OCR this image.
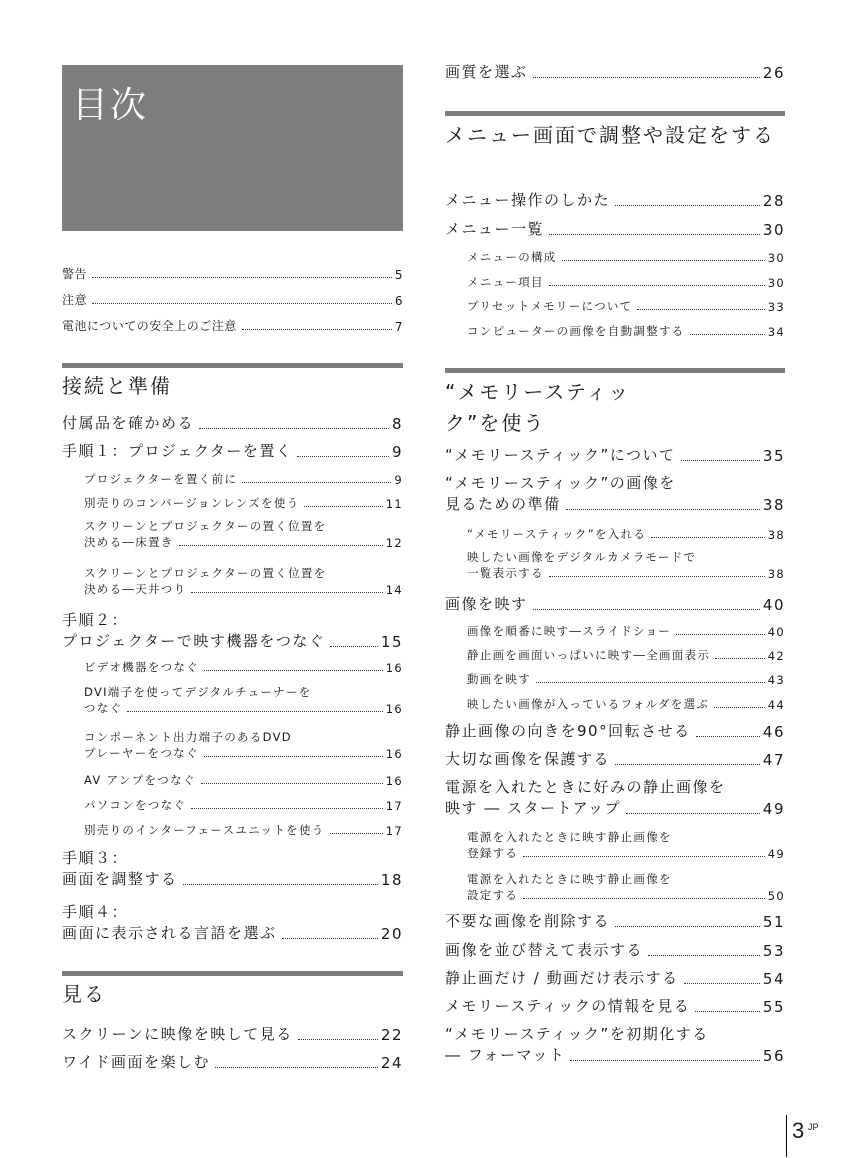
目次
警告	5
注意	6
電池についての安全上のご注意	7
接続と準備
付属品を確かめる	8
手順１：プロジェクターを置く	9
プロジェクターを置く前に	9
別売りのコンバージョンレンズを使う	11
スクリーンとプロジェクターの置く位置を
決める―床置き	12
スクリーンとプロジェクターの置く位置を
決める―天井つり	14
手順２：
プロジェクターで映す機器をつなぐ	15
ビデオ機器をつなぐ	16
DVI端子を使ってデジタルチューナーを
つなぐ	16
コンポーネント出力端子のあるDVD
プレーヤーをつなぐ	16
AV アンプをつなぐ	16
パソコンをつなぐ	17
別売りのインターフェースユニットを使う	17
手順３：
画面を調整する	18
手順４：
画面に表示される言語を選ぶ	20
見る
スクリーンに映像を映して見る	22
ワイド画面を楽しむ	24
画質を選ぶ	26
メニュー画面で調整や設定をする
メニュー操作のしかた	28
メニュー一覧	30
メニューの構成	30
メニュー項目	30
プリセットメモリーについて	33
コンピューターの画像を自動調整する	34
“メモリースティック”を使う
“メモリースティック”について	35
“メモリースティック”の画像を
見るための準備	38
“メモリースティック”を入れる	38
映したい画像をデジタルカメラモードで
一覧表示する	38
画像を映す	40
画像を順番に映す―スライドショー	40
静止画を画面いっぱいに映す―全画面表示	42
動画を映す	43
映したい画像が入っているフォルダを選ぶ	44
静止画像の向きを90°回転させる	46
大切な画像を保護する	47
電源を入れたときに好みの静止画像を
映す ― スタートアップ	49
電源を入れたときに映す静止画像を
登録する	49
電源を入れたときに映す静止画像を
設定する	50
不要な画像を削除する	51
画像を並び替えて表示する	53
静止画だけ / 動画だけ表示する	54
メモリースティックの情報を見る	55
“メモリースティック”を初期化する
― フォーマット	56
3 JP
